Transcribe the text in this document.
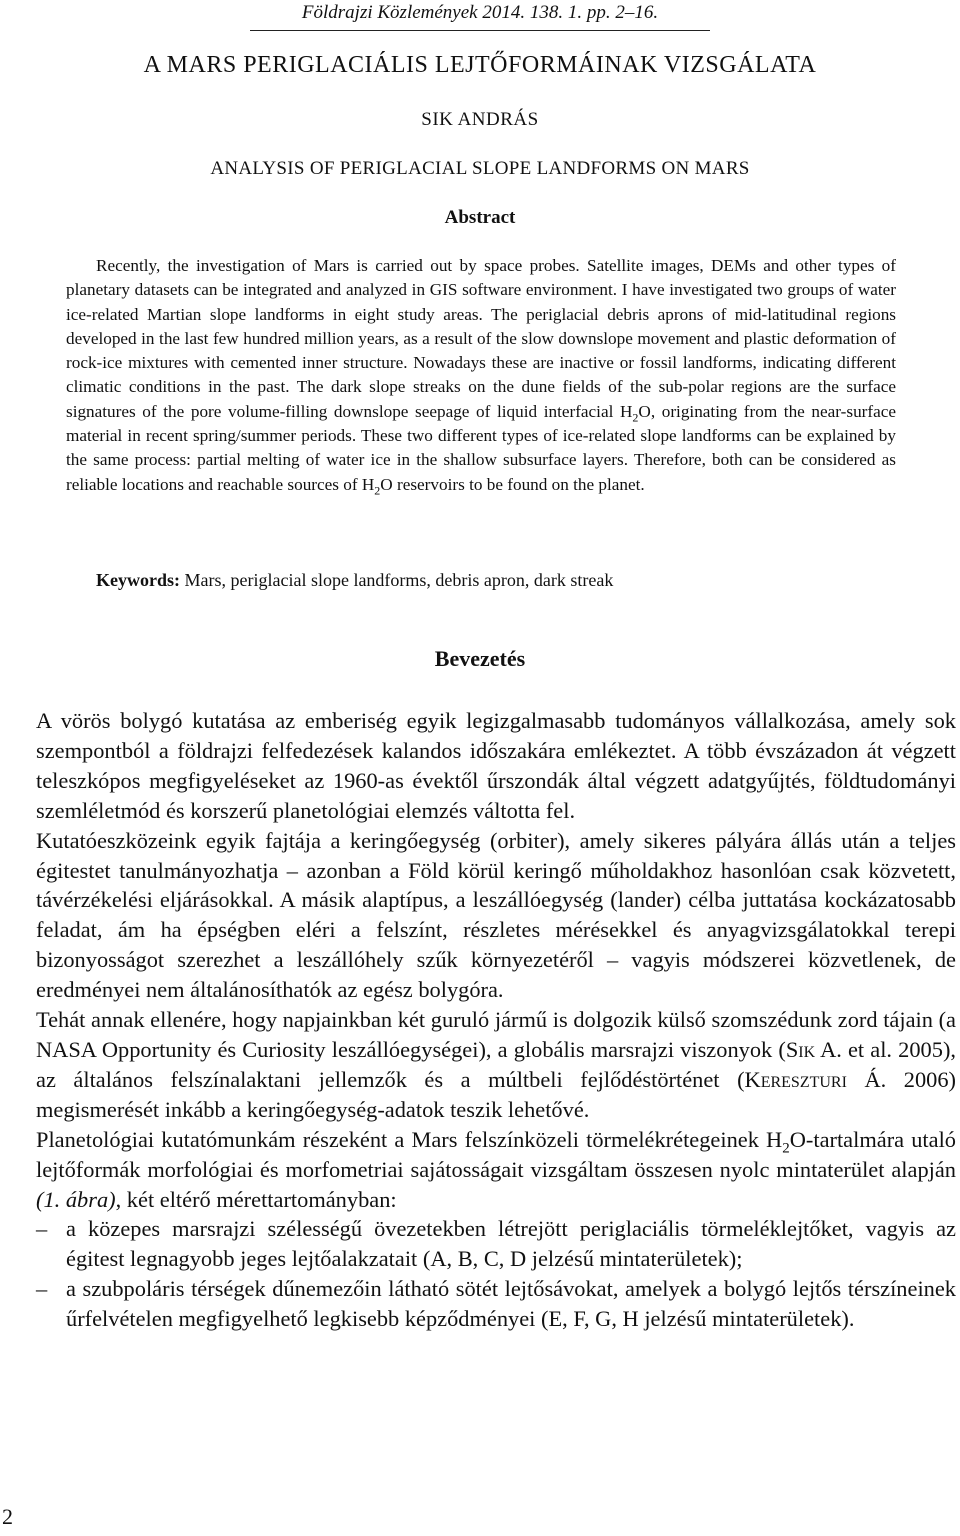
Földrajzi Közlemények 2014. 138. 1. pp. 2–16.
A MARS PERIGLACIÁLIS LEJTŐFORMÁINAK VIZSGÁLATA
SIK ANDRÁS
ANALYSIS OF PERIGLACIAL SLOPE LANDFORMS ON MARS
Abstract
Recently, the investigation of Mars is carried out by space probes. Satellite images, DEMs and other types of planetary datasets can be integrated and analyzed in GIS software environment. I have investigated two groups of water ice-related Martian slope landforms in eight study areas. The periglacial debris aprons of mid-latitudinal regions developed in the last few hundred million years, as a result of the slow downslope movement and plastic deformation of rock-ice mixtures with cemented inner structure. Nowadays these are inactive or fossil landforms, indicating different climatic conditions in the past. The dark slope streaks on the dune fields of the sub-polar regions are the surface signatures of the pore volume-filling downslope seepage of liquid interfacial $H_2O$, originating from the near-surface material in recent spring/summer periods. These two different types of ice-related slope landforms can be explained by the same process: partial melting of water ice in the shallow subsurface layers. Therefore, both can be considered as reliable locations and reachable sources of $H_2O$ reservoirs to be found on the planet.
Keywords: Mars, periglacial slope landforms, debris apron, dark streak
Bevezetés

A vörös bolygó kutatása az emberiség egyik legizgalmasabb tudományos vállalkozása, amely sok szempontból a földrajzi felfedezések kalandos időszakára emlékeztet. A több évszázadon át végzett teleszkópos megfigyeléseket az 1960-as évektől űrszondák által végzett adatgyűjtés, földtudományi szemléletmód és korszerű planetológiai elemzés váltotta fel.

Kutatóeszközeink egyik fajtája a keringőegység (orbiter), amely sikeres pályára állás után a teljes égitestet tanulmányozhatja – azonban a Föld körül keringő műholdakhoz hasonlóan csak közvetett, távérzékelési eljárásokkal. A másik alaptípus, a leszállóegység (lander) célba juttatása kockázatosabb feladat, ám ha épségben eléri a felszínt, részletes mérésekkel és anyagvizsgálatokkal terepi bizonyosságot szerezhet a leszállóhely szűk környezetéről – vagyis módszerei közvetlenek, de eredményei nem általánosíthatók az egész bolygóra.

Tehát annak ellenére, hogy napjainkban két guruló jármű is dolgozik külső szomszédunk zord tájain (a NASA Opportunity és Curiosity leszállóegységei), a globális marsrajzi viszonyok (Sik A. et al. 2005), az általános felszínalaktani jellemzők és a múltbeli fejlődéstörténet (Kereszturi Á. 2006) megismerését inkább a keringőegység-adatok teszik lehetővé.

Planetológiai kutatómunkám részeként a Mars felszínközeli törmelékrétegeinek $H_2O$-tartalmára utaló lejtőformák morfológiai és morfometriai sajátosságait vizsgáltam összesen nyolc mintaterület alapján (1. ábra), két eltérő mérettartományban:

– a közepes marsrajzi szélességű övezetekben létrejött periglaciális törmeléklejtőket, vagyis az égitest legnagyobb jeges lejtőalakzatait (A, B, C, D jelzésű mintaterületek);
– a szubpoláris térségek dűnemezőin látható sötét lejtősávokat, amelyek a bolygó lejtős térszíneinek űrfelvételen megfigyelhető legkisebb képződményei (E, F, G, H jelzésű mintaterületek).
2
